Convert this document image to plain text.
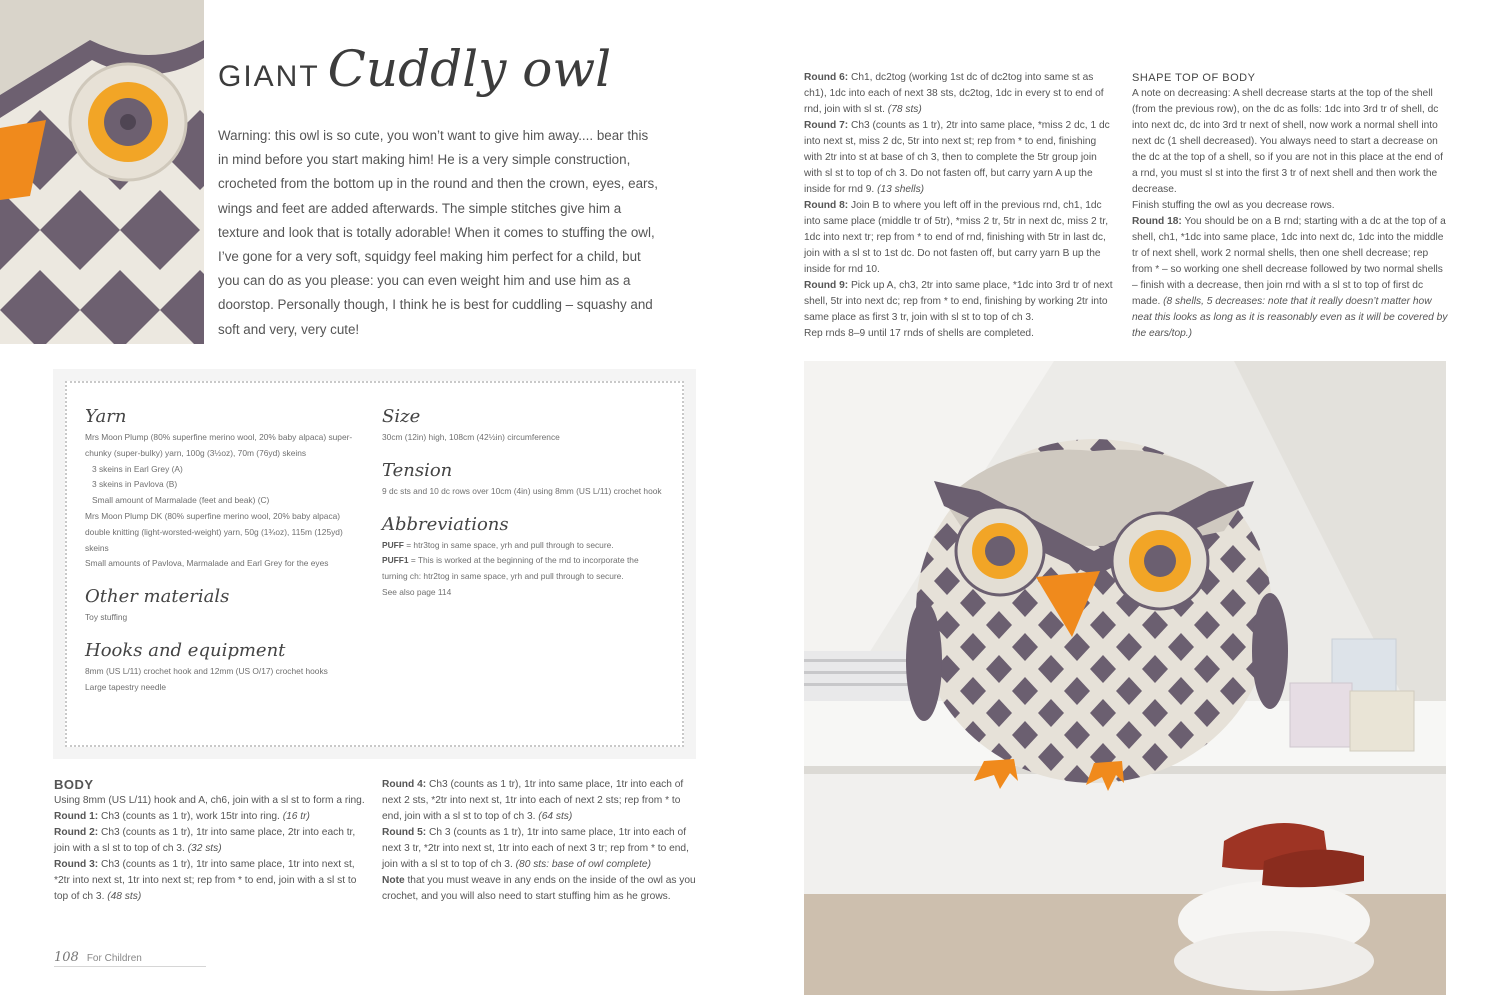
GIANT Cuddly owl

Warning: this owl is so cute, you won’t want to give him away.... bear this in mind before you start making him! He is a very simple construction, crocheted from the bottom up in the round and then the crown, eyes, ears, wings and feet are added afterwards. The simple stitches give him a texture and look that is totally adorable! When it comes to stuffing the owl, I’ve gone for a very soft, squidgy feel making him perfect for a child, but you can do as you please: you can even weight him and use him as a doorstop. Personally though, I think he is best for cuddling – squashy and soft and very, very cute!

Yarn
Mrs Moon Plump (80% superfine merino wool, 20% baby alpaca) super-chunky (super-bulky) yarn, 100g (3½oz), 70m (76yd) skeins
3 skeins in Earl Grey (A)
3 skeins in Pavlova (B)
Small amount of Marmalade (feet and beak) (C)
Mrs Moon Plump DK (80% superfine merino wool, 20% baby alpaca) double knitting (light-worsted-weight) yarn, 50g (1¾oz), 115m (125yd) skeins
Small amounts of Pavlova, Marmalade and Earl Grey for the eyes
Other materials
Toy stuffing
Hooks and equipment
8mm (US L/11) crochet hook and 12mm (US O/17) crochet hooks
Large tapestry needle
Size
30cm (12in) high, 108cm (42½in) circumference
Tension
9 dc sts and 10 dc rows over 10cm (4in) using 8mm (US L/11) crochet hook
Abbreviations
PUFF = htr3tog in same space, yrh and pull through to secure.
PUFF1 = This is worked at the beginning of the rnd to incorporate the turning ch: htr2tog in same space, yrh and pull through to secure.
See also page 114
BODY
Using 8mm (US L/11) hook and A, ch6, join with a sl st to form a ring.
Round 1: Ch3 (counts as 1 tr), work 15tr into ring. (16 tr)
Round 2: Ch3 (counts as 1 tr), 1tr into same place, 2tr into each tr, join with a sl st to top of ch 3. (32 sts)
Round 3: Ch3 (counts as 1 tr), 1tr into same place, 1tr into next st, *2tr into next st, 1tr into next st; rep from * to end, join with a sl st to top of ch 3. (48 sts)
Round 4: Ch3 (counts as 1 tr), 1tr into same place, 1tr into each of next 2 sts, *2tr into next st, 1tr into each of next 2 sts; rep from * to end, join with a sl st to top of ch 3. (64 sts)
Round 5: Ch 3 (counts as 1 tr), 1tr into same place, 1tr into each of next 3 tr, *2tr into next st, 1tr into each of next 3 tr; rep from * to end, join with a sl st to top of ch 3. (80 sts: base of owl complete)
Note that you must weave in any ends on the inside of the owl as you crochet, and you will also need to start stuffing him as he grows.
108 For Children
Round 6: Ch1, dc2tog (working 1st dc of dc2tog into same st as ch1), 1dc into each of next 38 sts, dc2tog, 1dc in every st to end of rnd, join with sl st. (78 sts)
Round 7: Ch3 (counts as 1 tr), 2tr into same place, *miss 2 dc, 1 dc into next st, miss 2 dc, 5tr into next st; rep from * to end, finishing with 2tr into st at base of ch 3, then to complete the 5tr group join with sl st to top of ch 3. Do not fasten off, but carry yarn A up the inside for rnd 9. (13 shells)
Round 8: Join B to where you left off in the previous rnd, ch1, 1dc into same place (middle tr of 5tr), *miss 2 tr, 5tr in next dc, miss 2 tr, 1dc into next tr; rep from * to end of rnd, finishing with 5tr in last dc, join with a sl st to 1st dc. Do not fasten off, but carry yarn B up the inside for rnd 10.
Round 9: Pick up A, ch3, 2tr into same place, *1dc into 3rd tr of next shell, 5tr into next dc; rep from * to end, finishing by working 2tr into same place as first 3 tr, join with sl st to top of ch 3.
Rep rnds 8–9 until 17 rnds of shells are completed.
SHAPE TOP OF BODY
A note on decreasing: A shell decrease starts at the top of the shell (from the previous row), on the dc as folls: 1dc into 3rd tr of shell, dc into next dc, dc into 3rd tr next of shell, now work a normal shell into next dc (1 shell decreased). You always need to start a decrease on the dc at the top of a shell, so if you are not in this place at the end of a rnd, you must sl st into the first 3 tr of next shell and then work the decrease.
Finish stuffing the owl as you decrease rows.
Round 18: You should be on a B rnd; starting with a dc at the top of a shell, ch1, *1dc into same place, 1dc into next dc, 1dc into the middle tr of next shell, work 2 normal shells, then one shell decrease; rep from * – so working one shell decrease followed by two normal shells – finish with a decrease, then join rnd with a sl st to top of first dc made. (8 shells, 5 decreases: note that it really doesn’t matter how neat this looks as long as it is reasonably even as it will be covered by the ears/top.)
